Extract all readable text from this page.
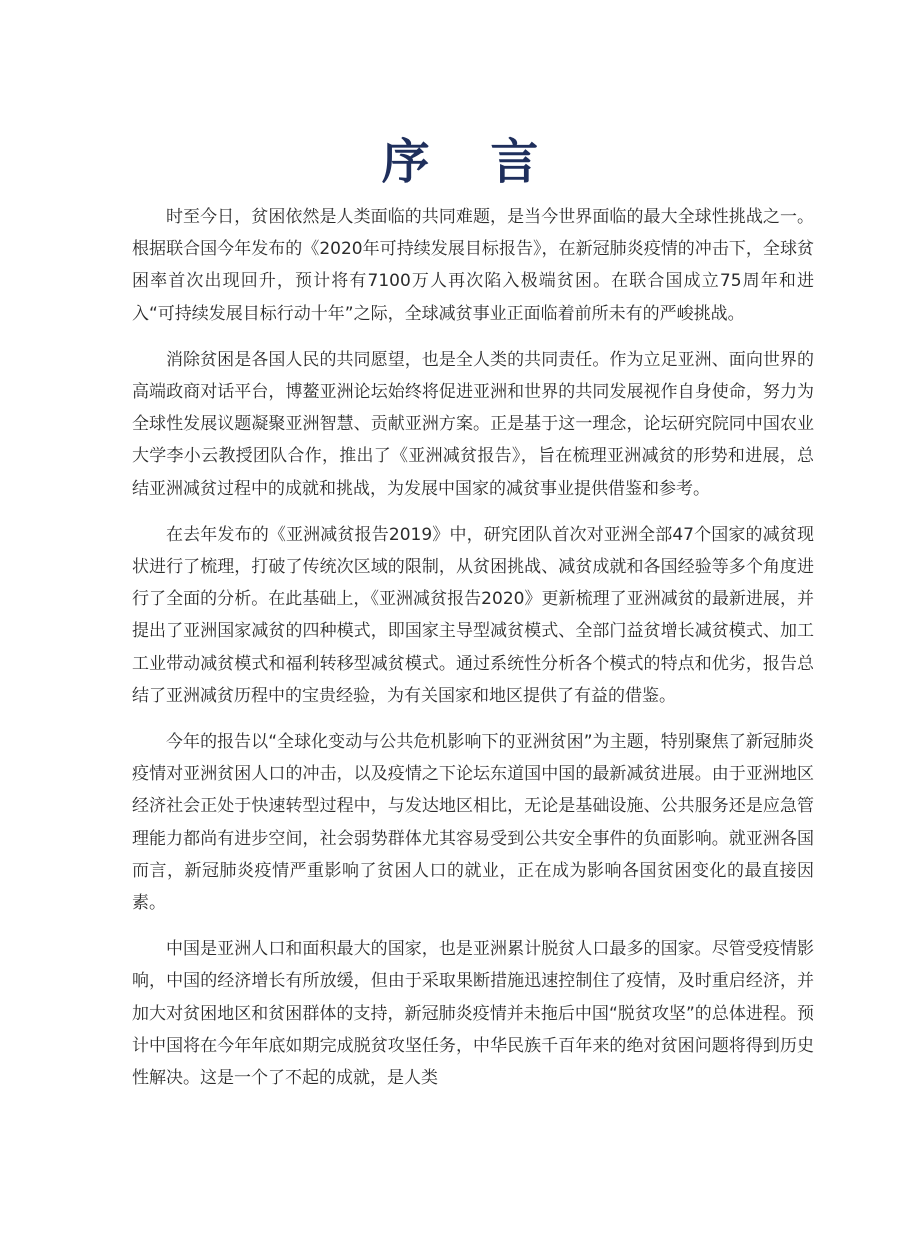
序 言

时至今日，贫困依然是人类面临的共同难题，是当今世界面临的最大全球性挑战之一。根据联合国今年发布的《2020年可持续发展目标报告》，在新冠肺炎疫情的冲击下，全球贫困率首次出现回升，预计将有7100万人再次陷入极端贫困。在联合国成立75周年和进入“可持续发展目标行动十年”之际，全球减贫事业正面临着前所未有的严峻挑战。

消除贫困是各国人民的共同愿望，也是全人类的共同责任。作为立足亚洲、面向世界的高端政商对话平台，博鳌亚洲论坛始终将促进亚洲和世界的共同发展视作自身使命，努力为全球性发展议题凝聚亚洲智慧、贡献亚洲方案。正是基于这一理念，论坛研究院同中国农业大学李小云教授团队合作，推出了《亚洲减贫报告》，旨在梳理亚洲减贫的形势和进展，总结亚洲减贫过程中的成就和挑战，为发展中国家的减贫事业提供借鉴和参考。

在去年发布的《亚洲减贫报告2019》中，研究团队首次对亚洲全部47个国家的减贫现状进行了梳理，打破了传统次区域的限制，从贫困挑战、减贫成就和各国经验等多个角度进行了全面的分析。在此基础上，《亚洲减贫报告2020》更新梳理了亚洲减贫的最新进展，并提出了亚洲国家减贫的四种模式，即国家主导型减贫模式、全部门益贫增长减贫模式、加工工业带动减贫模式和福利转移型减贫模式。通过系统性分析各个模式的特点和优劣，报告总结了亚洲减贫历程中的宝贵经验，为有关国家和地区提供了有益的借鉴。

今年的报告以“全球化变动与公共危机影响下的亚洲贫困”为主题，特别聚焦了新冠肺炎疫情对亚洲贫困人口的冲击，以及疫情之下论坛东道国中国的最新减贫进展。由于亚洲地区经济社会正处于快速转型过程中，与发达地区相比，无论是基础设施、公共服务还是应急管理能力都尚有进步空间，社会弱势群体尤其容易受到公共安全事件的负面影响。就亚洲各国而言，新冠肺炎疫情严重影响了贫困人口的就业，正在成为影响各国贫困变化的最直接因素。

中国是亚洲人口和面积最大的国家，也是亚洲累计脱贫人口最多的国家。尽管受疫情影响，中国的经济增长有所放缓，但由于采取果断措施迅速控制住了疫情，及时重启经济，并加大对贫困地区和贫困群体的支持，新冠肺炎疫情并未拖后中国“脱贫攻坚”的总体进程。预计中国将在今年年底如期完成脱贫攻坚任务，中华民族千百年来的绝对贫困问题将得到历史性解决。这是一个了不起的成就，是人类
